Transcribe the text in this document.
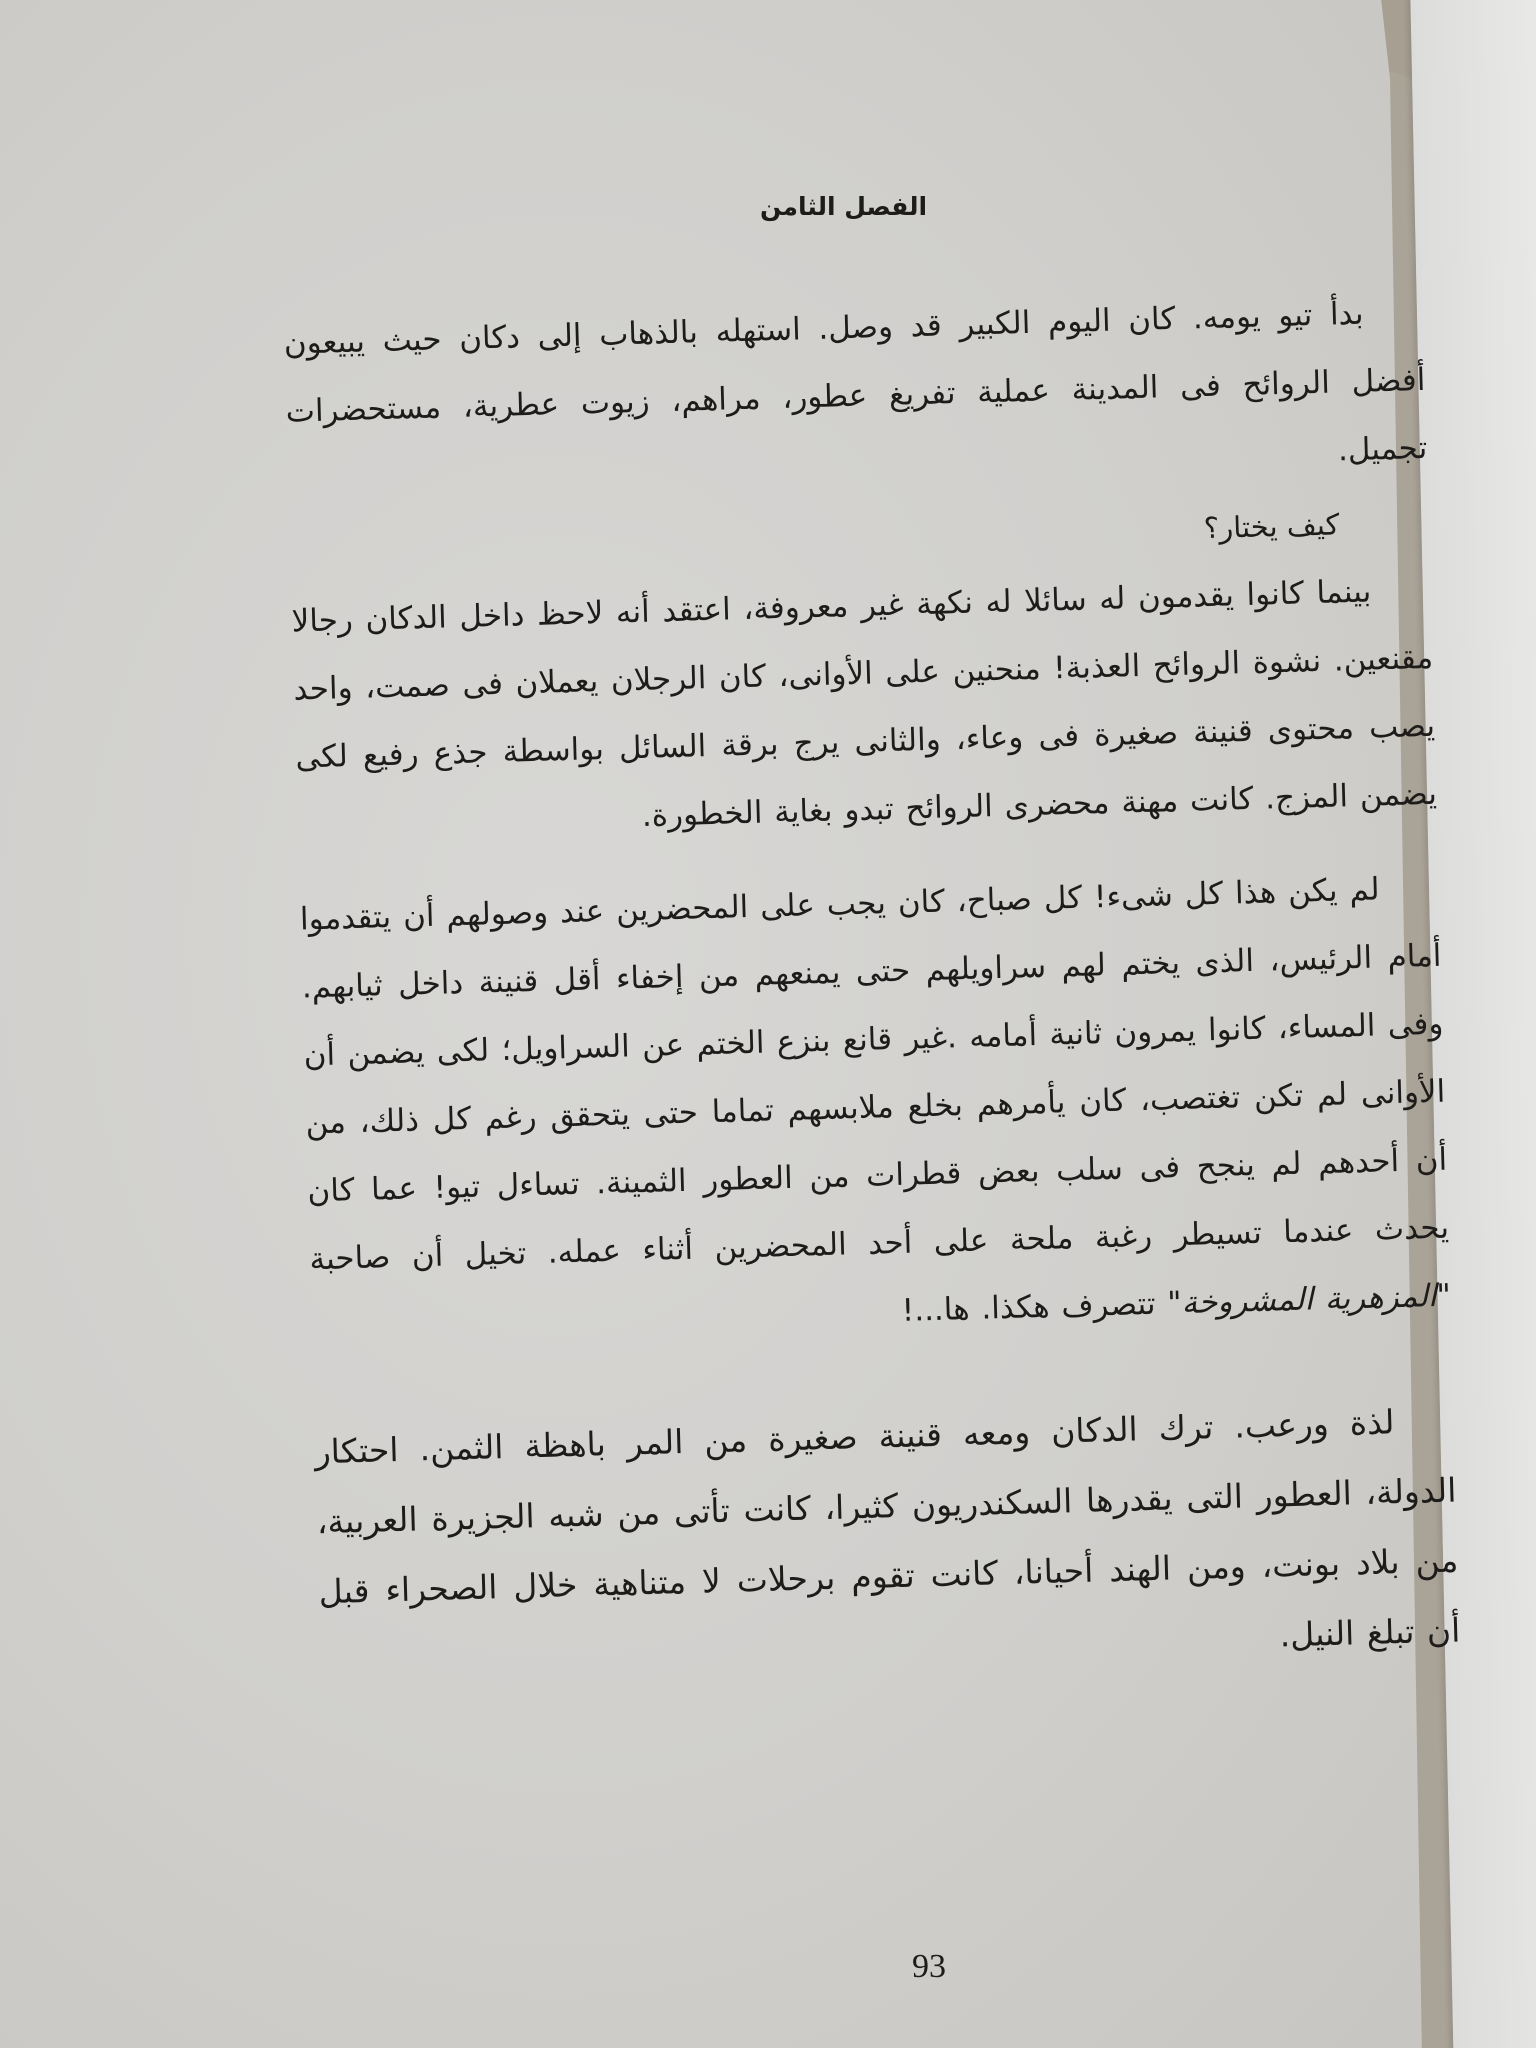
الفصل الثامن

بدأ تيو يومه. كان اليوم الكبير قد وصل. استهله بالذهاب إلى دكان حيث يبيعون أفضل الروائح فى المدينة عملية تفريغ عطور، مراهم، زيوت عطرية، مستحضرات تجميل.

كيف يختار؟

بينما كانوا يقدمون له سائلا له نكهة غير معروفة، اعتقد أنه لاحظ داخل الدكان رجالا مقنعين. نشوة الروائح العذبة! منحنين على الأوانى، كان الرجلان يعملان فى صمت، واحد يصب محتوى قنينة صغيرة فى وعاء، والثانى يرج برقة السائل بواسطة جذع رفيع لكى يضمن المزج. كانت مهنة محضرى الروائح تبدو بغاية الخطورة.

لم يكن هذا كل شىء! كل صباح، كان يجب على المحضرين عند وصولهم أن يتقدموا أمام الرئيس، الذى يختم لهم سراويلهم حتى يمنعهم من إخفاء أقل قنينة داخل ثيابهم. وفى المساء، كانوا يمرون ثانية أمامه .غير قانع بنزع الختم عن السراويل؛ لكى يضمن أن الأوانى لم تكن تغتصب، كان يأمرهم بخلع ملابسهم تماما حتى يتحقق رغم كل ذلك، من أن أحدهم لم ينجح فى سلب بعض قطرات من العطور الثمينة. تساءل تيو! عما كان يحدث عندما تسيطر رغبة ملحة على أحد المحضرين أثناء عمله. تخيل أن صاحبة "المزهرية المشروخة" تتصرف هكذا. ها...!

لذة ورعب. ترك الدكان ومعه قنينة صغيرة من المر باهظة الثمن. احتكار الدولة، العطور التى يقدرها السكندريون كثيرا، كانت تأتى من شبه الجزيرة العربية، من بلاد بونت، ومن الهند أحيانا، كانت تقوم برحلات لا متناهية خلال الصحراء قبل أن تبلغ النيل.

93
